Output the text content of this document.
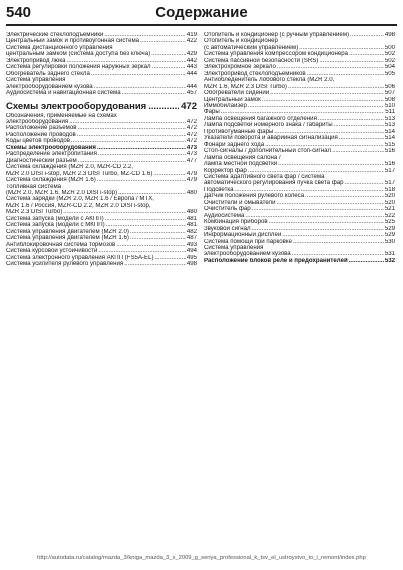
540	Содержание
Электрические стеклоподъемники .....	419
Центральный замок и противоугонная система .....	422
Система дистанционного управления
центральным замком (система доступа без ключа) .....	429
Электропривод люка .....	442
Система регулировки положения наружных зеркал .....	443
Обогреватель заднего стекла .....	444
Система управления
электрооборудованием кузова .....	444
Аудиосистема и навигационная система .....	457
Схемы электрооборудования .....	472
Обозначения, применяемые на схемах
электрооборудования .....	472
Расположение разъемов .....	472
Расположение проводов .....	472
Коды цветов проводов .....	472
Схемы электрооборудования .....	473
Распределение электропитания .....	473
Диагностический разъем .....	477
Система охлаждения (MZR 2.0, MZR-CD 2.2,
MZR 2.0 DISI i-stop, MZR 2.3 DISI Turbo, MZ-CD 1.6) .....	479
Система охлаждения (MZR 1.6) .....	479
Топливная система
(MZR 2.0, MZR 1.6, MZR 2.0 DISI i-stop) .....	480
Система зарядки (MZR 2.0, MZR 1.6 / Европа / МТХ,
MZR 1.6 / Россия, MZR-CD 2.2, MZR 2.0 DISI i-stop,
MZR 2.3 DISI Turbo) .....	480
Система запуска (модели с АКПП) .....	481
Система запуска (модели с МКПП) .....	481
Система управления двигателем (MZR 2.0) .....	482
Система управления двигателем (MZR 1.6) .....	487
Антиблокировочная система тормозов .....	493
Система курсовой устойчивости .....	494
Система электронного управления АКПП (FS5A-EL) .....	495
Система усилителя рулевого управления .....	498
Отопитель и кондиционер (с ручным управлением) .....	498
Отопитель и кондиционер
(с автоматическим управлением) .....	500
Система управления компрессором кондиционера .....	502
Система пассивной безопасности (SRS) .....	502
Электрохромное зеркало .....	504
Электропривод стеклоподъемников .....	505
Антиобледенитель лобового стекла (MZR 2.0,
MZR 1.6, MZR 2.3 DISI Turbo) .....	506
Обогреватели сидений .....	507
Центральный замок .....	508
Иммобилайзер .....	510
Фары .....	511
Лампа освещения багажного отделения .....	513
Лампа подсветки номерного знака / габариты .....	513
Противотуманные фары .....	514
Указатели поворота и аварийная сигнализация .....	514
Фонари заднего хода .....	515
Стоп-сигналы / дополнительный стоп-сигнал .....	516
Лампа освещения салона /
лампа местной подсветки .....	516
Корректор фар .....	517
Система адаптивного света фар / система
автоматического регулирования пучка света фар .....	517
Подсветка .....	518
Датчик положения рулевого колеса .....	520
Очистители и омыватели .....	520
Очиститель фар .....	521
Аудиосистема .....	522
Комбинация приборов .....	525
Звуковой сигнал .....	529
Информационный дисплей .....	529
Система помощи при парковке .....	530
Система управления
электрооборудованием кузова .....	531
Расположение блоков реле и предохранителей .....	532
http://autodata.ru/catalog/mazda_3/kniga_mazda_3_s_2009_g_seriya_professional_k_tsv_el_ustroystvo_to_i_remont/index.php
